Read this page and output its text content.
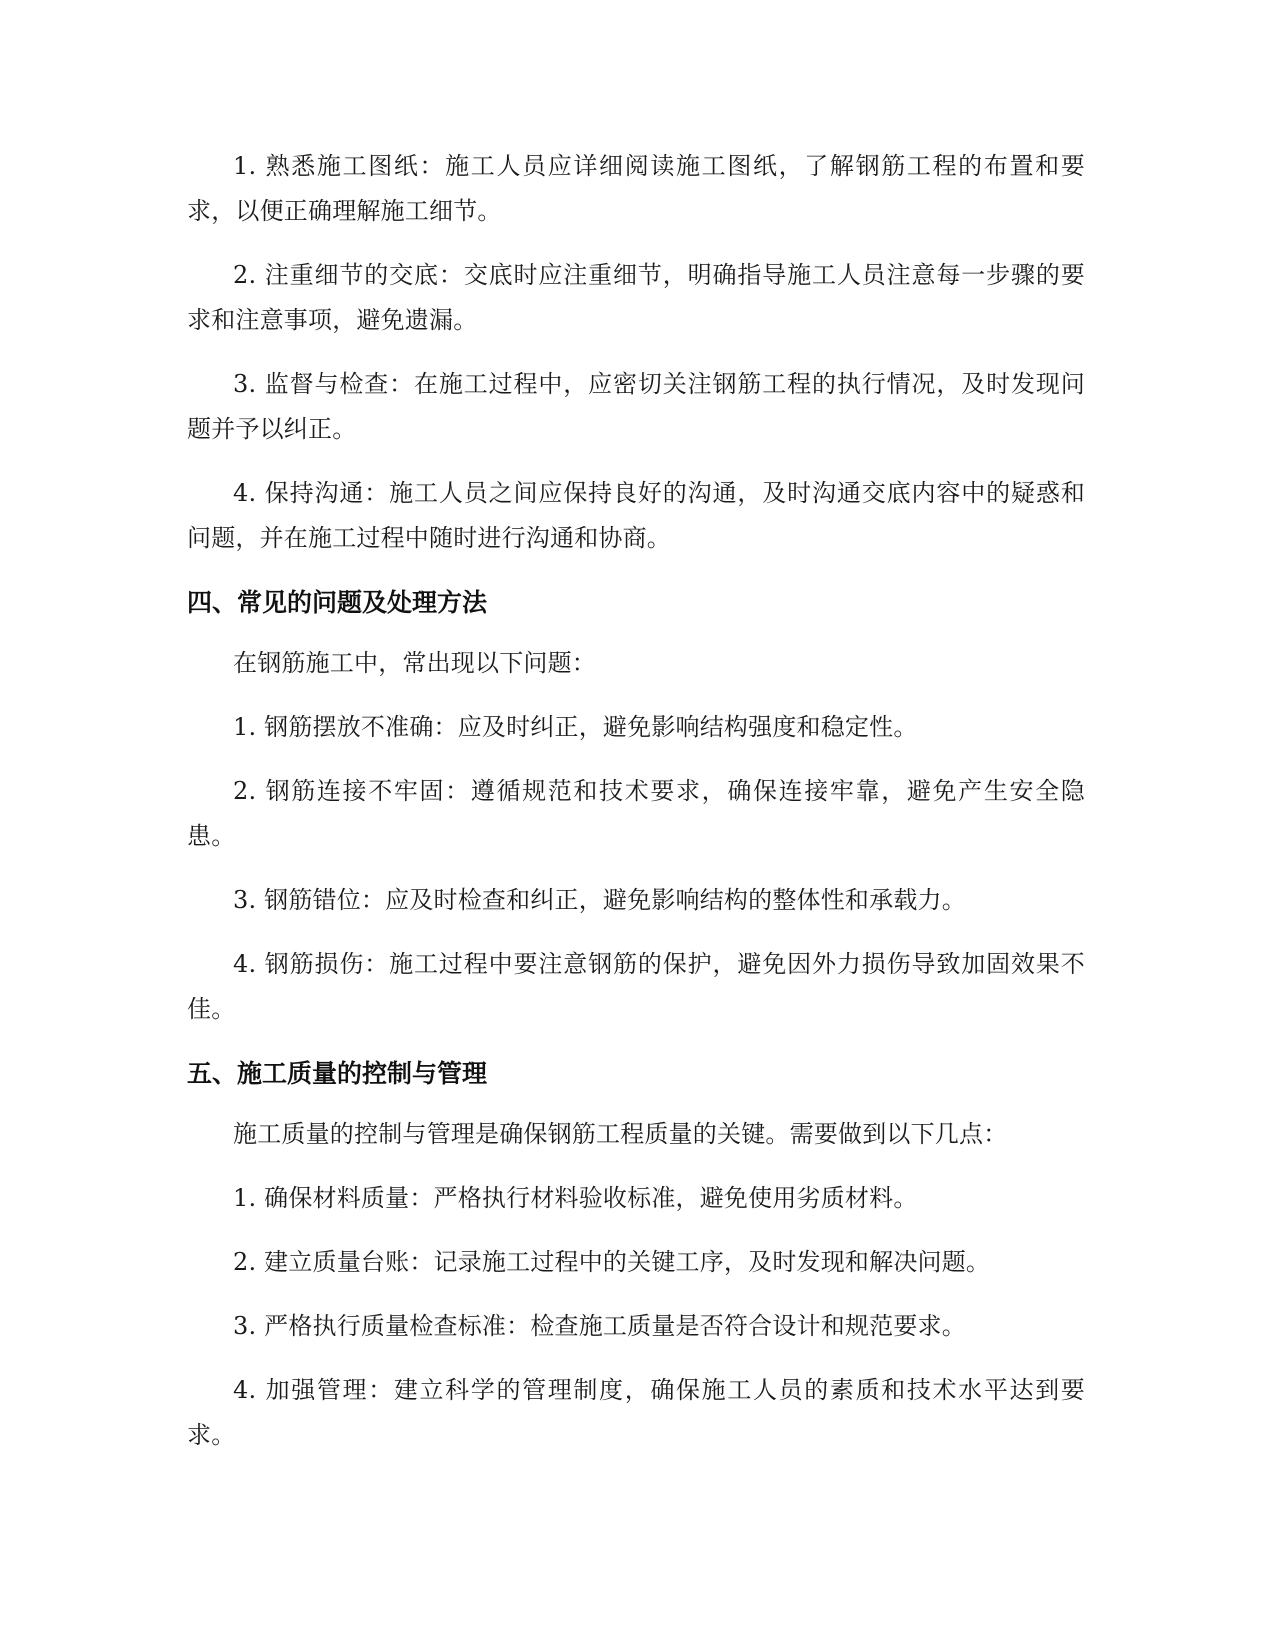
1. 熟悉施工图纸：施工人员应详细阅读施工图纸，了解钢筋工程的布置和要求，以便正确理解施工细节。

2. 注重细节的交底：交底时应注重细节，明确指导施工人员注意每一步骤的要求和注意事项，避免遗漏。

3. 监督与检查：在施工过程中，应密切关注钢筋工程的执行情况，及时发现问题并予以纠正。

4. 保持沟通：施工人员之间应保持良好的沟通，及时沟通交底内容中的疑惑和问题，并在施工过程中随时进行沟通和协商。

四、常见的问题及处理方法

在钢筋施工中，常出现以下问题：

1. 钢筋摆放不准确：应及时纠正，避免影响结构强度和稳定性。

2. 钢筋连接不牢固：遵循规范和技术要求，确保连接牢靠，避免产生安全隐患。

3. 钢筋错位：应及时检查和纠正，避免影响结构的整体性和承载力。

4. 钢筋损伤：施工过程中要注意钢筋的保护，避免因外力损伤导致加固效果不佳。

五、施工质量的控制与管理

施工质量的控制与管理是确保钢筋工程质量的关键。需要做到以下几点：

1. 确保材料质量：严格执行材料验收标准，避免使用劣质材料。

2. 建立质量台账：记录施工过程中的关键工序，及时发现和解决问题。

3. 严格执行质量检查标准：检查施工质量是否符合设计和规范要求。

4. 加强管理：建立科学的管理制度，确保施工人员的素质和技术水平达到要求。
